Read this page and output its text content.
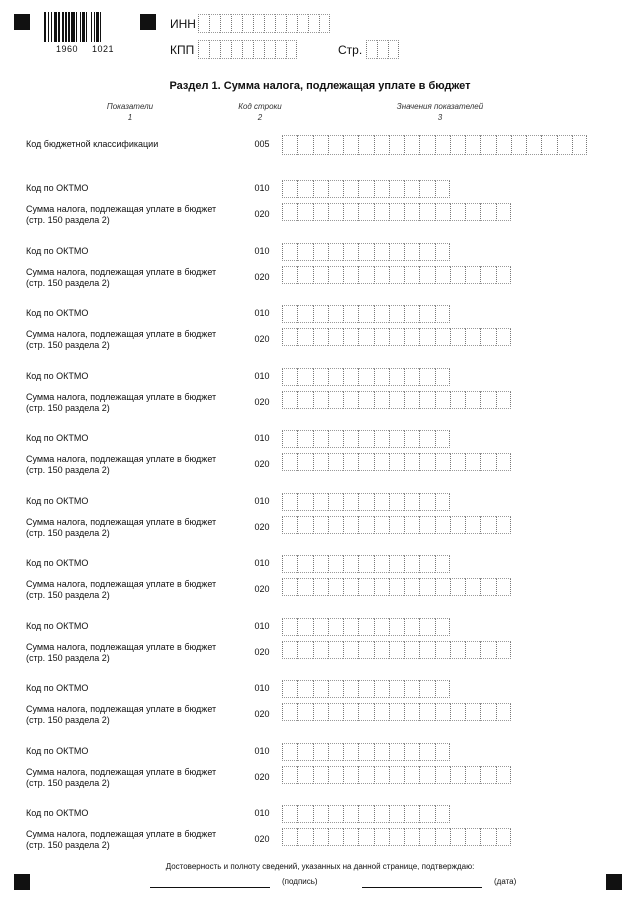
1960 1021
ИНН
КПП	Стр.
Раздел 1. Сумма налога, подлежащая уплате в бюджет
Показатели
1
Код строки
2
Значения показателей
3
Код бюджетной классификации	005
Код по ОКТМО	010
Сумма налога, подлежащая уплате в бюджет
(стр. 150 раздела 2)
020
Код по ОКТМО	010
Сумма налога, подлежащая уплате в бюджет
(стр. 150 раздела 2)
020
Код по ОКТМО	010
Сумма налога, подлежащая уплате в бюджет
(стр. 150 раздела 2)
020
Код по ОКТМО	010
Сумма налога, подлежащая уплате в бюджет
(стр. 150 раздела 2)
020
Код по ОКТМО	010
Сумма налога, подлежащая уплате в бюджет
(стр. 150 раздела 2)
020
Код по ОКТМО	010
Сумма налога, подлежащая уплате в бюджет
(стр. 150 раздела 2)
020
Код по ОКТМО	010
Сумма налога, подлежащая уплате в бюджет
(стр. 150 раздела 2)
020
Код по ОКТМО	010
Сумма налога, подлежащая уплате в бюджет
(стр. 150 раздела 2)
020
Код по ОКТМО	010
Сумма налога, подлежащая уплате в бюджет
(стр. 150 раздела 2)
020
Код по ОКТМО	010
Сумма налога, подлежащая уплате в бюджет
(стр. 150 раздела 2)
020
Код по ОКТМО	010
Сумма налога, подлежащая уплате в бюджет
(стр. 150 раздела 2)
020
Достоверность и полноту сведений, указанных на данной странице, подтверждаю:
(подпись)	(дата)
